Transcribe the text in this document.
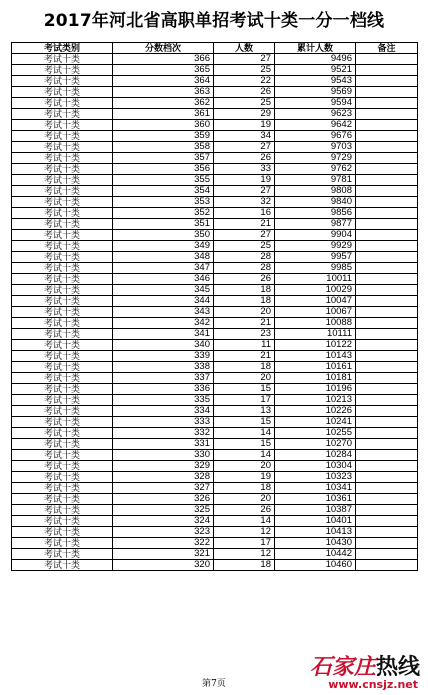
2017年河北省高职单招考试十类一分一档线
考试类别	分数档次	人数	累计人数	备注
考试十类	366	27	9496	
考试十类	365	25	9521	
考试十类	364	22	9543	
考试十类	363	26	9569	
考试十类	362	25	9594	
考试十类	361	29	9623	
考试十类	360	19	9642	
考试十类	359	34	9676	
考试十类	358	27	9703	
考试十类	357	26	9729	
考试十类	356	33	9762	
考试十类	355	19	9781	
考试十类	354	27	9808	
考试十类	353	32	9840	
考试十类	352	16	9856	
考试十类	351	21	9877	
考试十类	350	27	9904	
考试十类	349	25	9929	
考试十类	348	28	9957	
考试十类	347	28	9985	
考试十类	346	26	10011	
考试十类	345	18	10029	
考试十类	344	18	10047	
考试十类	343	20	10067	
考试十类	342	21	10088	
考试十类	341	23	10111	
考试十类	340	11	10122	
考试十类	339	21	10143	
考试十类	338	18	10161	
考试十类	337	20	10181	
考试十类	336	15	10196	
考试十类	335	17	10213	
考试十类	334	13	10226	
考试十类	333	15	10241	
考试十类	332	14	10255	
考试十类	331	15	10270	
考试十类	330	14	10284	
考试十类	329	20	10304	
考试十类	328	19	10323	
考试十类	327	18	10341	
考试十类	326	20	10361	
考试十类	325	26	10387	
考试十类	324	14	10401	
考试十类	323	12	10413	
考试十类	322	17	10430	
考试十类	321	12	10442	
考试十类	320	18	10460	
第7页
石家庄热线
www.cnsjz.net
